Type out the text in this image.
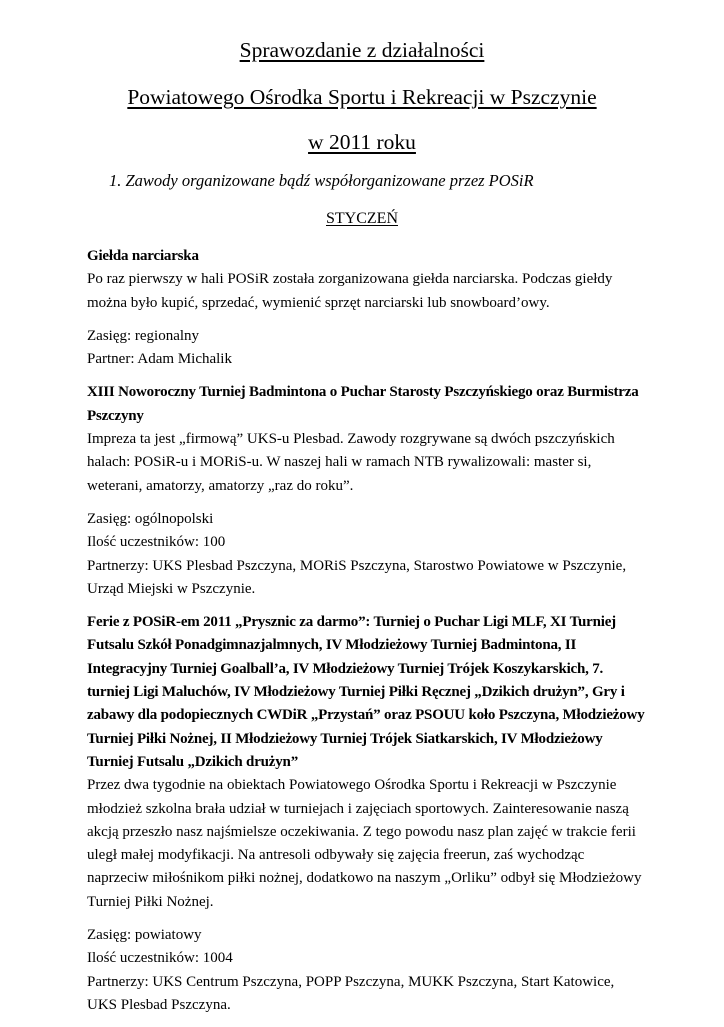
Sprawozdanie z działalności
Powiatowego Ośrodka Sportu i Rekreacji w Pszczynie
w 2011 roku
1. Zawody organizowane bądź współorganizowane przez POSiR
STYCZEŃ
Giełda narciarska

Po raz pierwszy w hali POSiR została zorganizowana giełda narciarska. Podczas giełdy można było kupić, sprzedać, wymienić sprzęt narciarski lub snowboard’owy.

Zasięg: regionalny
Partner: Adam Michalik
XIII Noworoczny Turniej Badmintona o Puchar Starosty Pszczyńskiego oraz Burmistrza Pszczyny

Impreza ta jest „firmową” UKS-u Plesbad. Zawody rozgrywane są dwóch pszczyńskich halach: POSiR-u i MORiS-u. W naszej hali w ramach NTB rywalizowali: master si, weterani, amatorzy, amatorzy „raz do roku”.

Zasięg: ogólnopolski
Ilość uczestników: 100
Partnerzy: UKS Plesbad Pszczyna, MORiS Pszczyna, Starostwo Powiatowe w Pszczynie, Urząd Miejski w Pszczynie.
Ferie z POSiR-em 2011 „Prysznic za darmo”: Turniej o Puchar Ligi MLF, XI Turniej Futsalu Szkół Ponadgimnazjalmnych, IV Młodzieżowy Turniej Badmintona, II Integracyjny Turniej Goalball’a, IV Młodzieżowy Turniej Trójek Koszykarskich, 7. turniej Ligi Maluchów, IV Młodzieżowy Turniej Piłki Ręcznej „Dzikich drużyn”, Gry i zabawy dla podopiecznych CWDiR „Przystań” oraz PSOUU koło Pszczyna, Młodzieżowy Turniej Piłki Nożnej, II Młodzieżowy Turniej Trójek Siatkarskich, IV Młodzieżowy Turniej Futsalu „Dzikich drużyn”

Przez dwa tygodnie na obiektach Powiatowego Ośrodka Sportu i Rekreacji w Pszczynie młodzież szkolna brała udział w turniejach i zajęciach sportowych. Zainteresowanie naszą akcją przeszło nasz najśmielsze oczekiwania. Z tego powodu nasz plan zajęć w trakcie ferii uległ małej modyfikacji. Na antresoli odbywały się zajęcia freerun, zaś wychodząc naprzeciw miłośnikom piłki nożnej, dodatkowo na naszym „Orliku” odbył się Młodzieżowy Turniej Piłki Nożnej.

Zasięg: powiatowy
Ilość uczestników: 1004
Partnerzy: UKS Centrum Pszczyna, POPP Pszczyna, MUKK Pszczyna, Start Katowice, UKS Plesbad Pszczyna.
